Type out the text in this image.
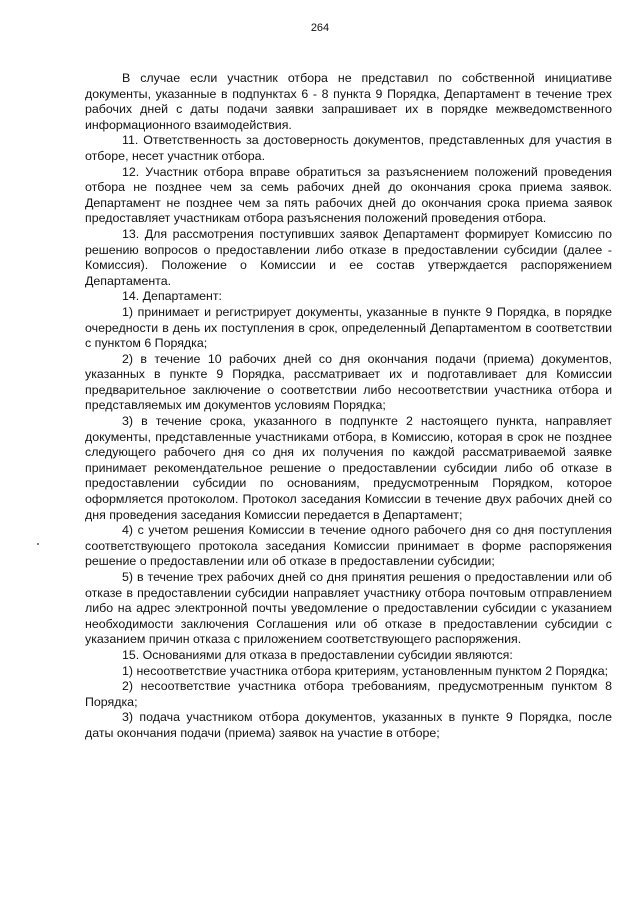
264

В случае если участник отбора не представил по собственной инициативе документы, указанные в подпунктах 6 - 8 пункта 9 Порядка, Департамент в течение трех рабочих дней с даты подачи заявки запрашивает их в порядке межведомственного информационного взаимодействия.

11. Ответственность за достоверность документов, представленных для участия в отборе, несет участник отбора.

12. Участник отбора вправе обратиться за разъяснением положений проведения отбора не позднее чем за семь рабочих дней до окончания срока приема заявок. Департамент не позднее чем за пять рабочих дней до окончания срока приема заявок предоставляет участникам отбора разъяснения положений проведения отбора.

13. Для рассмотрения поступивших заявок Департамент формирует Комиссию по решению вопросов о предоставлении либо отказе в предоставлении субсидии (далее - Комиссия). Положение о Комиссии и ее состав утверждается распоряжением Департамента.

14. Департамент:

1) принимает и регистрирует документы, указанные в пункте 9 Порядка, в порядке очередности в день их поступления в срок, определенный Департаментом в соответствии с пунктом 6 Порядка;

2) в течение 10 рабочих дней со дня окончания подачи (приема) документов, указанных в пункте 9 Порядка, рассматривает их и подготавливает для Комиссии предварительное заключение о соответствии либо несоответствии участника отбора и представляемых им документов условиям Порядка;

3) в течение срока, указанного в подпункте 2 настоящего пункта, направляет документы, представленные участниками отбора, в Комиссию, которая в срок не позднее следующего рабочего дня со дня их получения по каждой рассматриваемой заявке принимает рекомендательное решение о предоставлении субсидии либо об отказе в предоставлении субсидии по основаниям, предусмотренным Порядком, которое оформляется протоколом. Протокол заседания Комиссии в течение двух рабочих дней со дня проведения заседания Комиссии передается в Департамент;

4) с учетом решения Комиссии в течение одного рабочего дня со дня поступления соответствующего протокола заседания Комиссии принимает в форме распоряжения решение о предоставлении или об отказе в предоставлении субсидии;

5) в течение трех рабочих дней со дня принятия решения о предоставлении или об отказе в предоставлении субсидии направляет участнику отбора почтовым отправлением либо на адрес электронной почты уведомление о предоставлении субсидии с указанием необходимости заключения Соглашения или об отказе в предоставлении субсидии с указанием причин отказа с приложением соответствующего распоряжения.

15. Основаниями для отказа в предоставлении субсидии являются:

1) несоответствие участника отбора критериям, установленным пунктом 2 Порядка;

2) несоответствие участника отбора требованиям, предусмотренным пунктом 8 Порядка;

3) подача участником отбора документов, указанных в пункте 9 Порядка, после даты окончания подачи (приема) заявок на участие в отборе;
